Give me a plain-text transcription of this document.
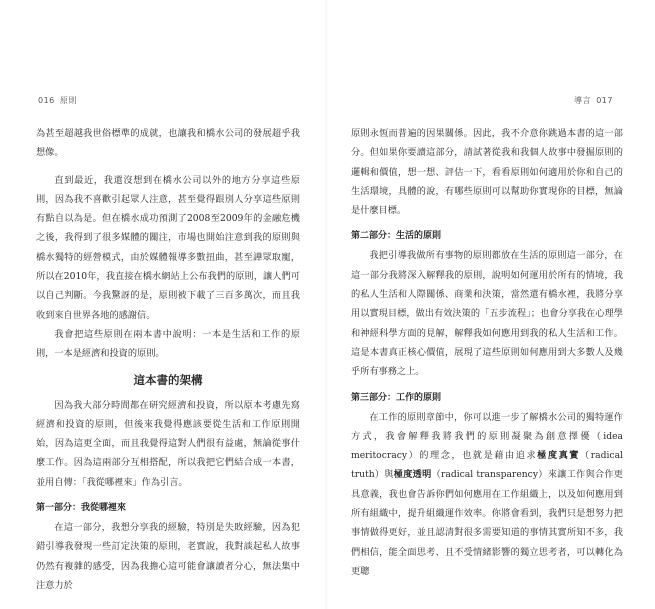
016 原則

為甚至超越我世俗標準的成就，也讓我和橋水公司的發展超乎我想像。

直到最近，我還沒想到在橋水公司以外的地方分享這些原則，因為我不喜歡引起眾人注意，甚至覺得跟別人分享這些原則有點自以為是。但在橋水成功預測了2008至2009年的金融危機之後，我得到了很多媒體的關注，市場也開始注意到我的原則與橋水獨特的經營模式，由於媒體報導多數扭曲，甚至譁眾取寵，所以在2010年，我直接在橋水網站上公布我們的原則，讓人們可以自己判斷。今我驚訝的是，原則被下載了三百多萬次，而且我收到來自世界各地的感謝信。

我會把這些原則在兩本書中說明：一本是生活和工作的原則，一本是經濟和投資的原則。

這本書的架構

因為我大部分時間都在研究經濟和投資，所以原本考慮先寫經濟和投資的原則，但後來我覺得應該要從生活和工作原則開始，因為這更全面，而且我覺得這對人們很有益處，無論從事什麼工作。因為這兩部分互相搭配，所以我把它們結合成一本書，並用自傳：「我從哪裡來」作為引言。

第一部分：我從哪裡來

在這一部分，我想分享我的經驗，特別是失敗經驗，因為犯錯引導我發現一些訂定決策的原則，老實說，我對談起私人故事仍然有複雜的感受，因為我擔心這可能會讓讀者分心，無法集中注意力於

導言 017

原則永恆而普遍的因果關係。因此，我不介意你跳過本書的這一部分。但如果你要讀這部分，請試著從我和我個人故事中發掘原則的邏輯和價值，想一想、評估一下，看看原則如何適用於你和自己的生活環境，具體的說，有哪些原則可以幫助你實現你的目標，無論是什麼目標。

第二部分：生活的原則

我把引導我做所有事物的原則都放在生活的原則這一部分，在這一部分我將深入解釋我的原則，說明如何運用於所有的情境，我的私人生活和人際關係、商業和決策，當然還有橋水裡，我將分享用以實現目標，做出有效決策的「五步流程」；也會分享我在心理學和神經科學方面的見解，解釋我如何應用到我的私人生活和工作。這是本書真正核心價值，展現了這些原則如何應用到大多數人及幾乎所有事務之上。

第三部分：工作的原則

在工作的原則章節中，你可以進一步了解橋水公司的獨特運作方式，我會解釋我將我們的原則凝聚為創意擇優（idea meritocracy）的理念，也就是藉由追求極度真實（radical truth）與極度透明（radical transparency）來讓工作與合作更具意義，我也會告訴你們如何應用在工作組織上，以及如何應用到所有組織中，提升組織運作效率。你將會看到，我們只是想努力把事情做得更好，並且認清對很多需要知道的事情其實所知不多，我們相信，能全面思考、且不受情緒影響的獨立思考者，可以轉化為更聰
